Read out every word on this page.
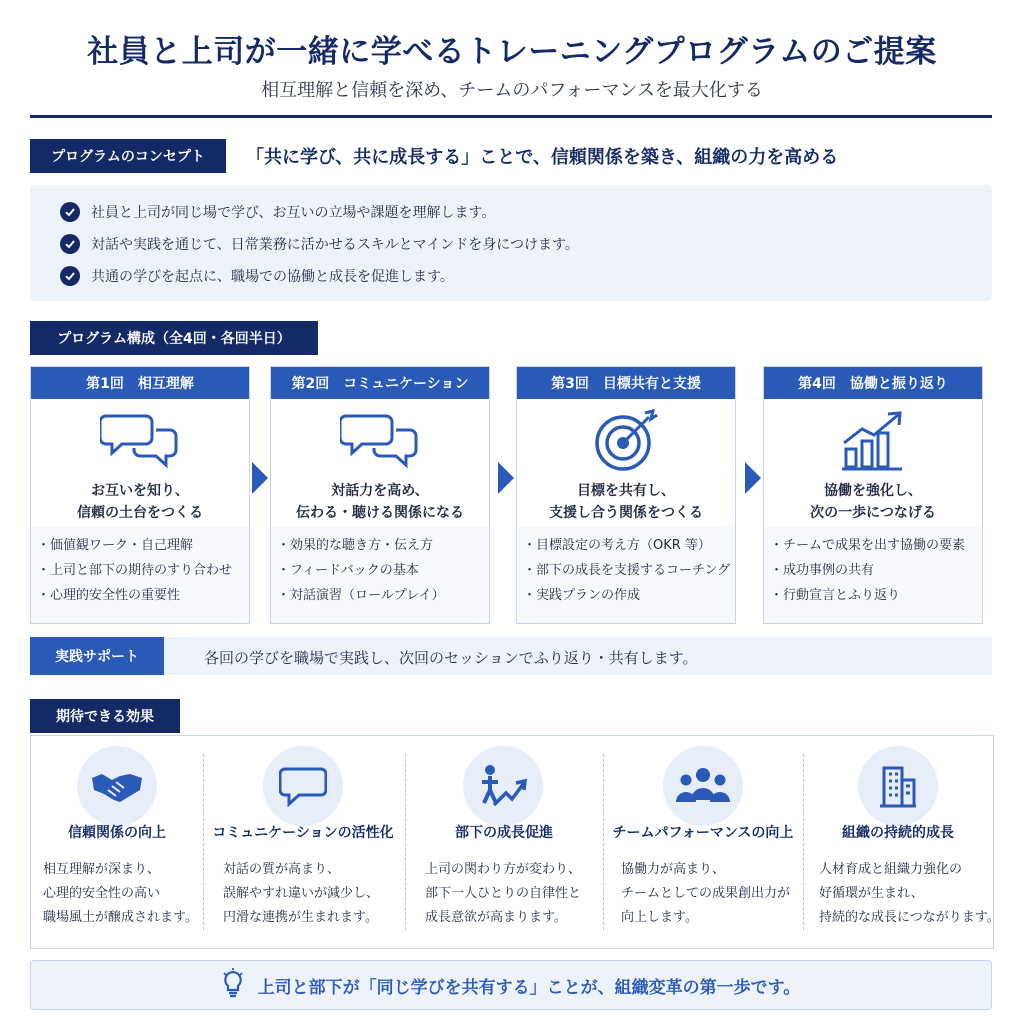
社員と上司が一緒に学べるトレーニングプログラムのご提案
相互理解と信頼を深め、チームのパフォーマンスを最大化する
プログラムのコンセプト	「共に学び、共に成長する」ことで、信頼関係を築き、組織の力を高める
社員と上司が同じ場で学び、お互いの立場や課題を理解します。
対話や実践を通じて、日常業務に活かせるスキルとマインドを身につけます。
共通の学びを起点に、職場での協働と成長を促進します。
プログラム構成（全4回・各回半日）
第1回　相互理解
お互いを知り、
信頼の土台をつくる
・価値観ワーク・自己理解
・上司と部下の期待のすり合わせ
・心理的安全性の重要性
第2回　コミュニケーション
対話力を高め、
伝わる・聴ける関係になる
・効果的な聴き方・伝え方
・フィードバックの基本
・対話演習（ロールプレイ）
第3回　目標共有と支援
目標を共有し、
支援し合う関係をつくる
・目標設定の考え方（OKR 等）
・部下の成長を支援するコーチング
・実践プランの作成
第4回　協働と振り返り
協働を強化し、
次の一歩につなげる
・チームで成果を出す協働の要素
・成功事例の共有
・行動宣言とふり返り
実践サポート	各回の学びを職場で実践し、次回のセッションでふり返り・共有します。
期待できる効果
信頼関係の向上
相互理解が深まり、
心理的安全性の高い
職場風土が醸成されます。
コミュニケーションの活性化
対話の質が高まり、
誤解やすれ違いが減少し、
円滑な連携が生まれます。
部下の成長促進
上司の関わり方が変わり、
部下一人ひとりの自律性と
成長意欲が高まります。
チームパフォーマンスの向上
協働力が高まり、
チームとしての成果創出力が
向上します。
組織の持続的成長
人材育成と組織力強化の
好循環が生まれ、
持続的な成長につながります。
上司と部下が「同じ学びを共有する」ことが、組織変革の第一歩です。
